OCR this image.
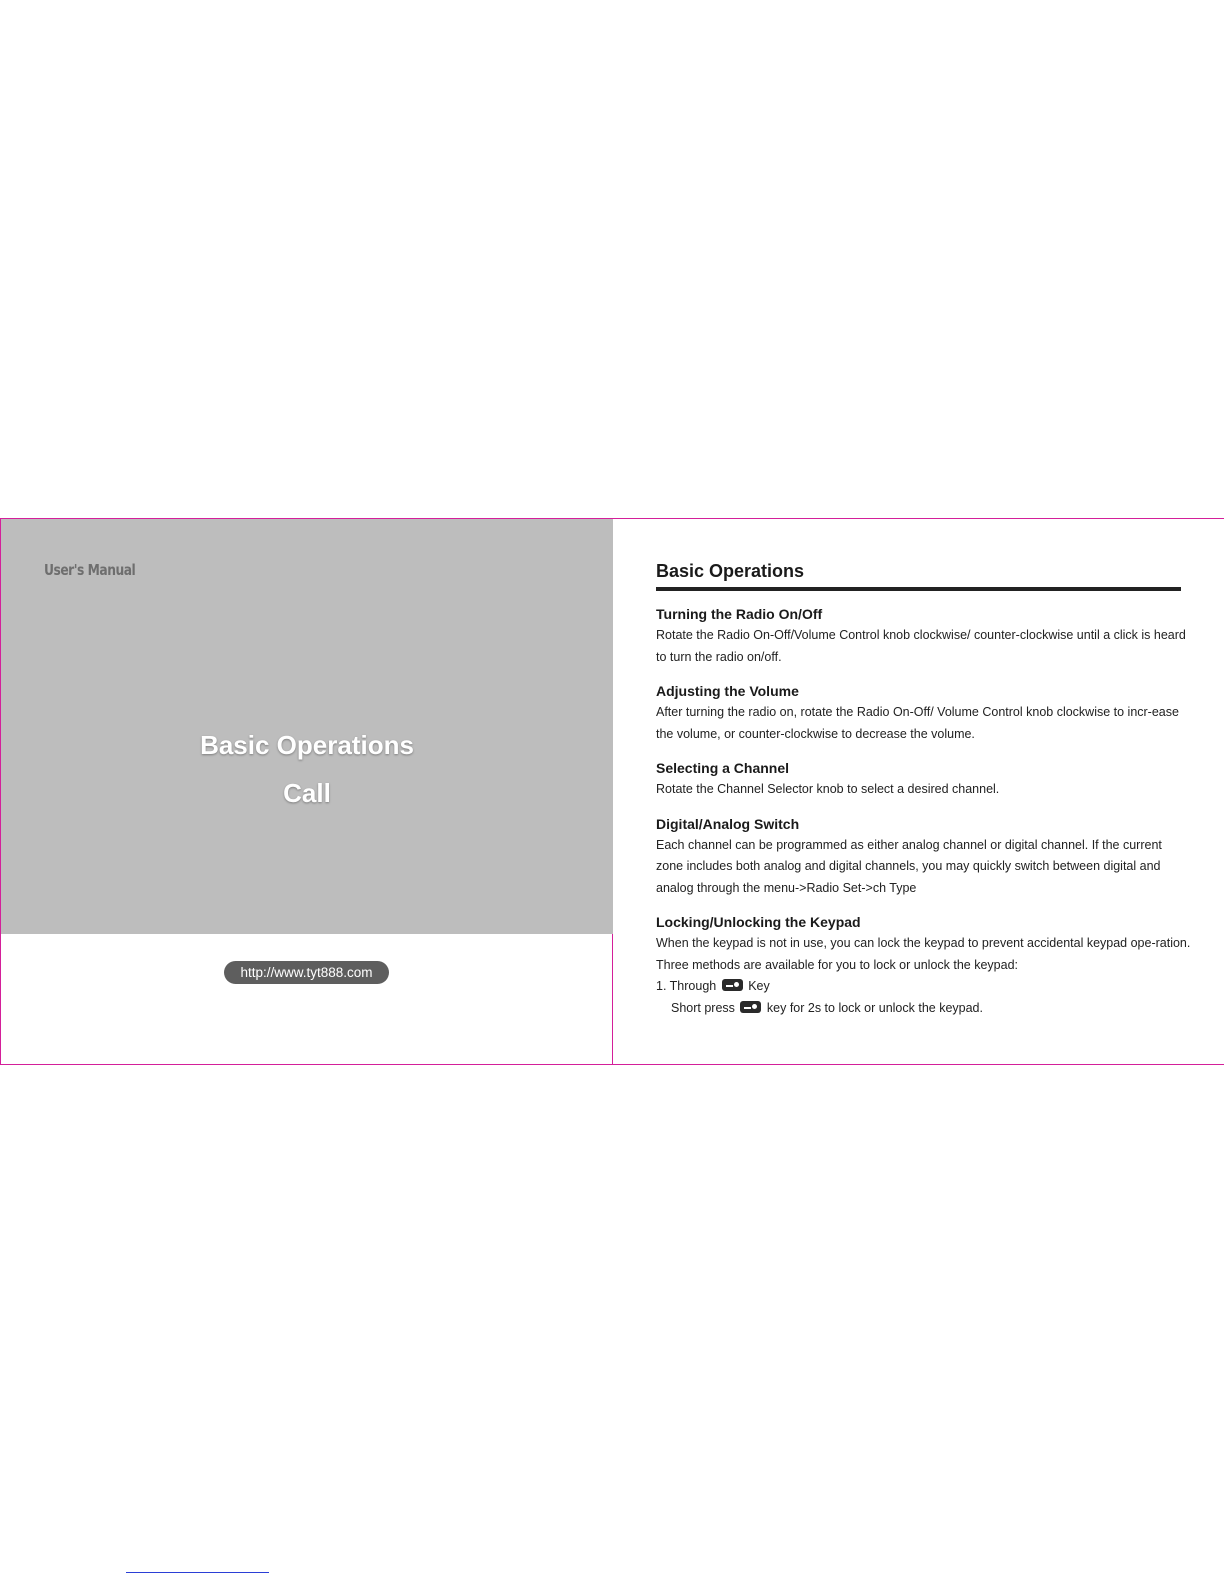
User's Manual
Basic Operations
Call
http://www.tyt888.com
Basic Operations
Turning the Radio On/Off

Rotate the Radio On-Off/Volume Control knob clockwise/ counter-clockwise until a click is heard to turn the radio on/off.

Adjusting the Volume

After turning the radio on, rotate the Radio On-Off/ Volume Control knob clockwise to incr-ease the volume, or counter-clockwise to decrease the volume.

Selecting a Channel

Rotate the Channel Selector knob to select a desired channel.

Digital/Analog Switch

Each channel can be programmed as either analog channel or digital channel. If the current zone includes both analog and digital channels, you may quickly switch between digital and analog through the menu->Radio Set->ch Type

Locking/Unlocking the Keypad

When the keypad is not in use, you can lock the keypad to prevent accidental keypad ope-ration. Three methods are available for you to lock or unlock the keypad:

1. Through	Key
Short press	key for 2s to lock or unlock the keypad.
